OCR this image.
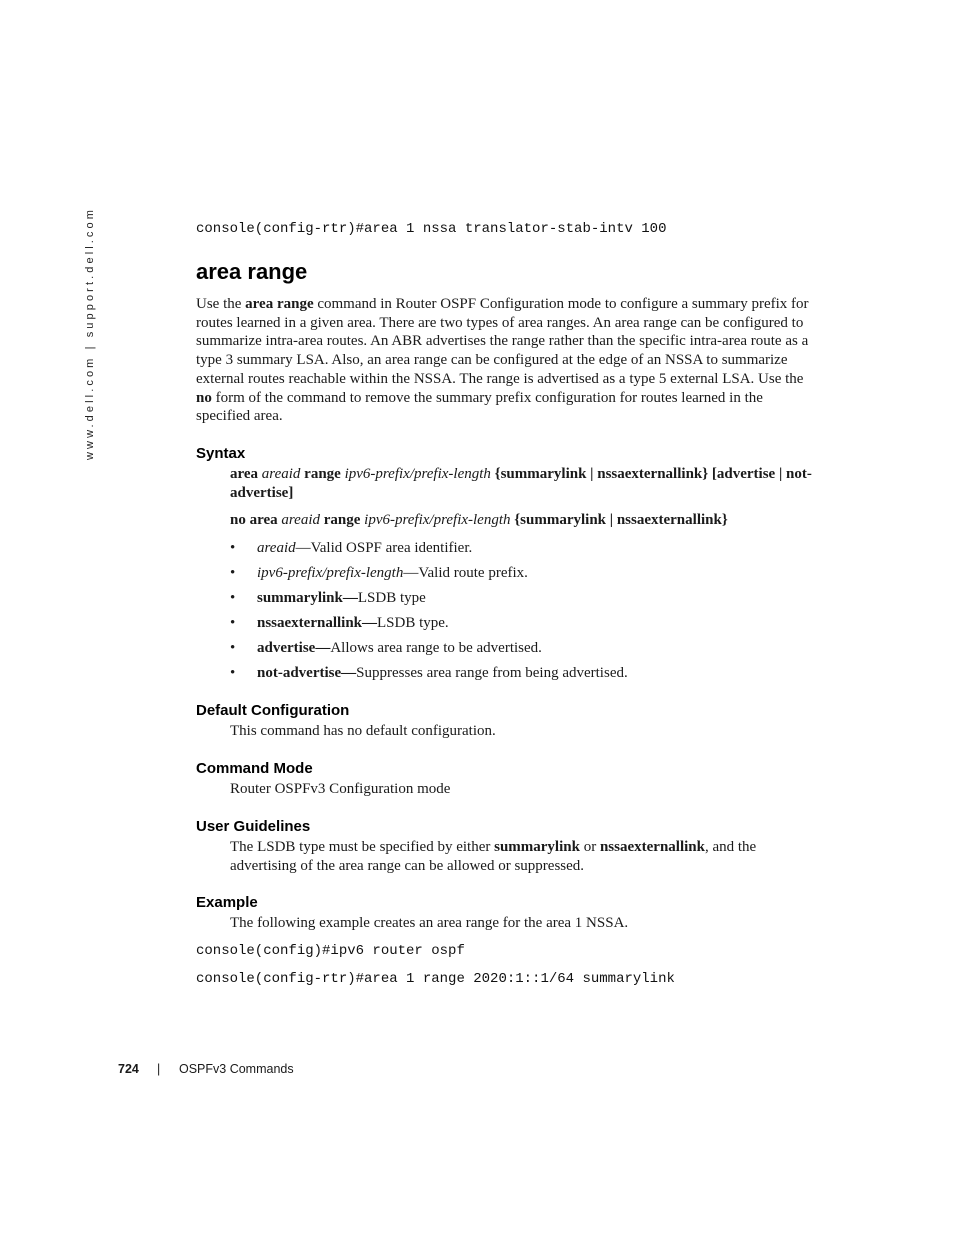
www.dell.com | support.dell.com	console(config-rtr)#area 1 nssa translator-stab-intv 100
area range

Use the area range command in Router OSPF Configuration mode to configure a summary prefix for routes learned in a given area. There are two types of area ranges. An area range can be configured to summarize intra-area routes. An ABR advertises the range rather than the specific intra-area route as a type 3 summary LSA. Also, an area range can be configured at the edge of an NSSA to summarize external routes reachable within the NSSA. The range is advertised as a type 5 external LSA. Use the no form of the command to remove the summary prefix configuration for routes learned in the specified area.

Syntax

area areaid range ipv6-prefix/prefix-length {summarylink | nssaexternallink} [advertise | not-advertise]

no area areaid range ipv6-prefix/prefix-length {summarylink | nssaexternallink}

• areaid—Valid OSPF area identifier.
• ipv6-prefix/prefix-length—Valid route prefix.
• summarylink—LSDB type
• nssaexternallink—LSDB type.
• advertise—Allows area range to be advertised.
• not-advertise—Suppresses area range from being advertised.
Default Configuration

This command has no default configuration.

Command Mode

Router OSPFv3 Configuration mode

User Guidelines

The LSDB type must be specified by either summarylink or nssaexternallink, and the advertising of the area range can be allowed or suppressed.

Example

The following example creates an area range for the area 1 NSSA.

console(config)#ipv6 router ospf
console(config-rtr)#area 1 range 2020:1::1/64 summarylink
724 | OSPFv3 Commands
